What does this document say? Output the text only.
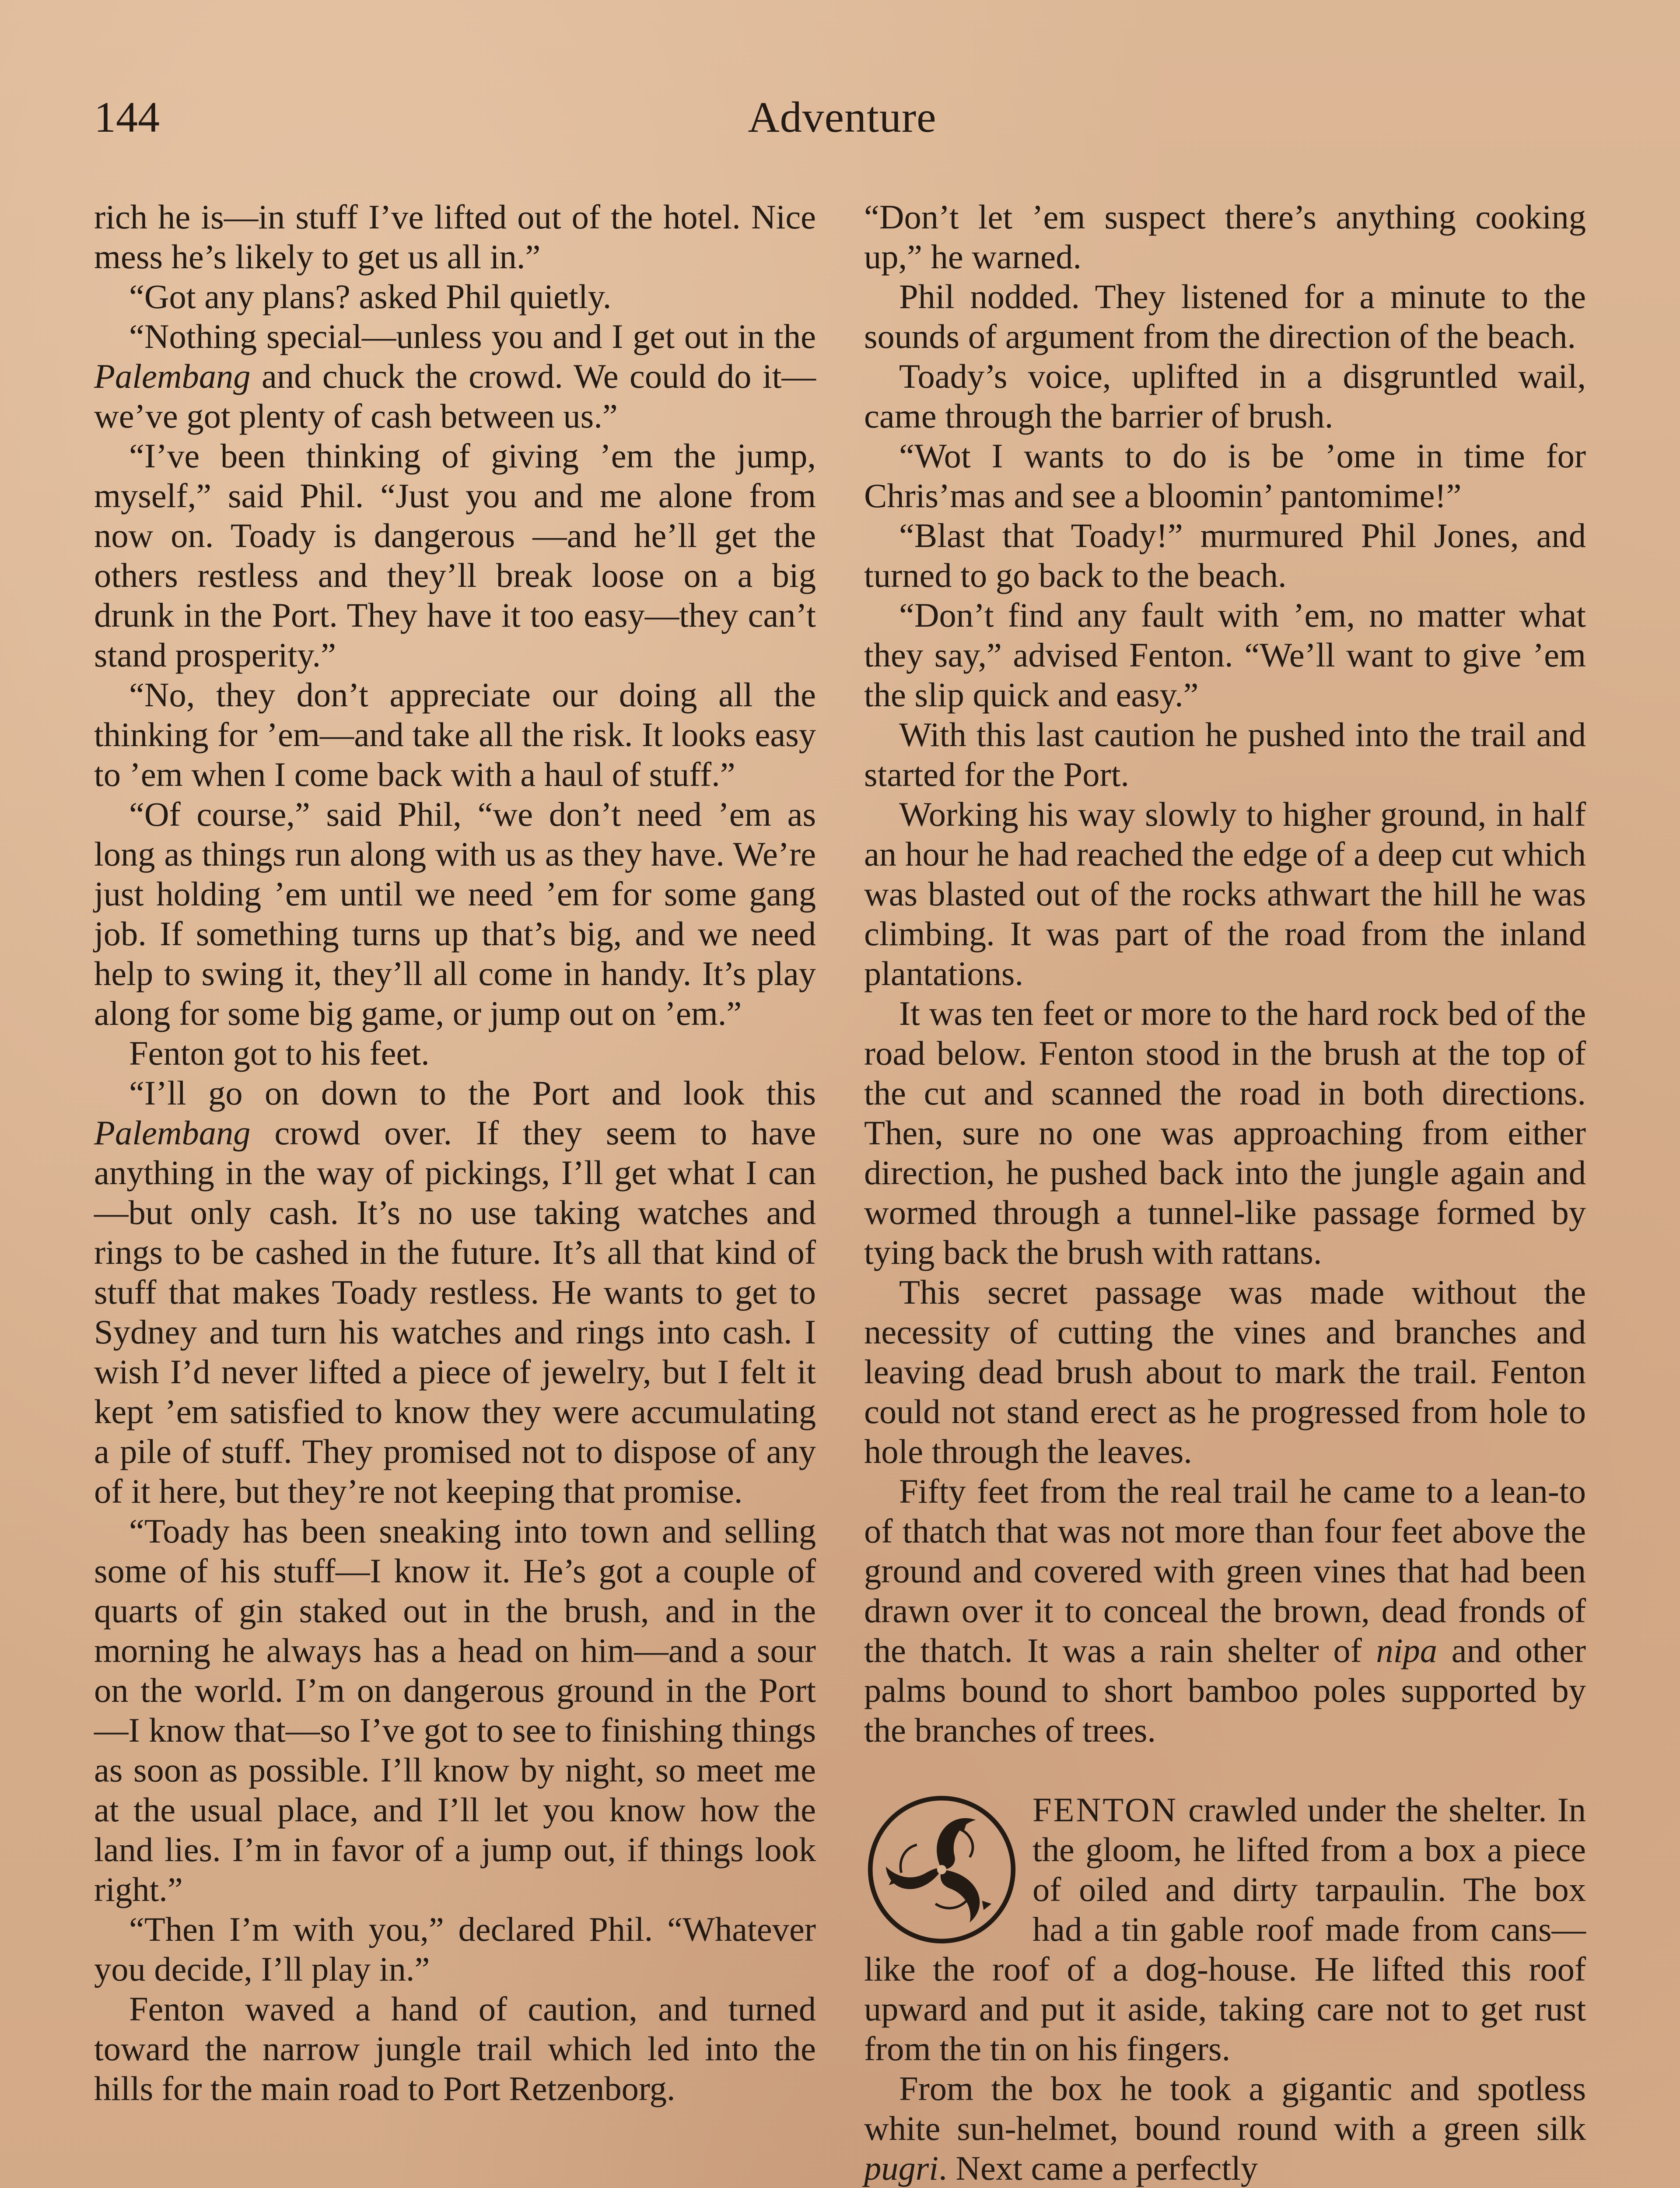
144	Adventure

rich he is—in stuff I’ve lifted out of the hotel. Nice mess he’s likely to get us all in.”

“Got any plans? asked Phil quietly.

“Nothing special—unless you and I get out in the Palembang and chuck the crowd. We could do it—we’ve got plenty of cash between us.”

“I’ve been thinking of giving ’em the jump, myself,” said Phil. “Just you and me alone from now on. Toady is dangerous —and he’ll get the others restless and they’ll break loose on a big drunk in the Port. They have it too easy—they can’t stand prosperity.”

“No, they don’t appreciate our doing all the thinking for ’em—and take all the risk. It looks easy to ’em when I come back with a haul of stuff.”

“Of course,” said Phil, “we don’t need ’em as long as things run along with us as they have. We’re just holding ’em until we need ’em for some gang job. If something turns up that’s big, and we need help to swing it, they’ll all come in handy. It’s play along for some big game, or jump out on ’em.”

Fenton got to his feet.

“I’ll go on down to the Port and look this Palembang crowd over. If they seem to have anything in the way of pickings, I’ll get what I can—but only cash. It’s no use taking watches and rings to be cashed in the future. It’s all that kind of stuff that makes Toady restless. He wants to get to Sydney and turn his watches and rings into cash. I wish I’d never lifted a piece of jewelry, but I felt it kept ’em satisfied to know they were accumulating a pile of stuff. They promised not to dispose of any of it here, but they’re not keeping that promise.

“Toady has been sneaking into town and selling some of his stuff—I know it. He’s got a couple of quarts of gin staked out in the brush, and in the morning he always has a head on him—and a sour on the world. I’m on dangerous ground in the Port—I know that—so I’ve got to see to finishing things as soon as possible. I’ll know by night, so meet me at the usual place, and I’ll let you know how the land lies. I’m in favor of a jump out, if things look right.”

“Then I’m with you,” declared Phil. “Whatever you decide, I’ll play in.”

Fenton waved a hand of caution, and turned toward the narrow jungle trail which led into the hills for the main road to Port Retzenborg.

“Don’t let ’em suspect there’s anything cooking up,” he warned.

Phil nodded. They listened for a minute to the sounds of argument from the direction of the beach.

Toady’s voice, uplifted in a disgruntled wail, came through the barrier of brush.

“Wot I wants to do is be ’ome in time for Chris’mas and see a bloomin’ pantomime!”

“Blast that Toady!” murmured Phil Jones, and turned to go back to the beach.

“Don’t find any fault with ’em, no matter what they say,” advised Fenton. “We’ll want to give ’em the slip quick and easy.”

With this last caution he pushed into the trail and started for the Port.

Working his way slowly to higher ground, in half an hour he had reached the edge of a deep cut which was blasted out of the rocks athwart the hill he was climbing. It was part of the road from the inland plantations.

It was ten feet or more to the hard rock bed of the road below. Fenton stood in the brush at the top of the cut and scanned the road in both directions. Then, sure no one was approaching from either direction, he pushed back into the jungle again and wormed through a tunnel-like passage formed by tying back the brush with rattans.

This secret passage was made without the necessity of cutting the vines and branches and leaving dead brush about to mark the trail. Fenton could not stand erect as he progressed from hole to hole through the leaves.

Fifty feet from the real trail he came to a lean-to of thatch that was not more than four feet above the ground and covered with green vines that had been drawn over it to conceal the brown, dead fronds of the thatch. It was a rain shelter of nipa and other palms bound to short bamboo poles supported by the branches of trees.

FENTON crawled under the shelter. In the gloom, he lifted from a box a piece of oiled and dirty tarpaulin. The box had a tin gable roof made from cans—like the roof of a dog-house. He lifted this roof upward and put it aside, taking care not to get rust from the tin on his fingers.

From the box he took a gigantic and spotless white sun-helmet, bound round with a green silk pugri. Next came a perfectly
